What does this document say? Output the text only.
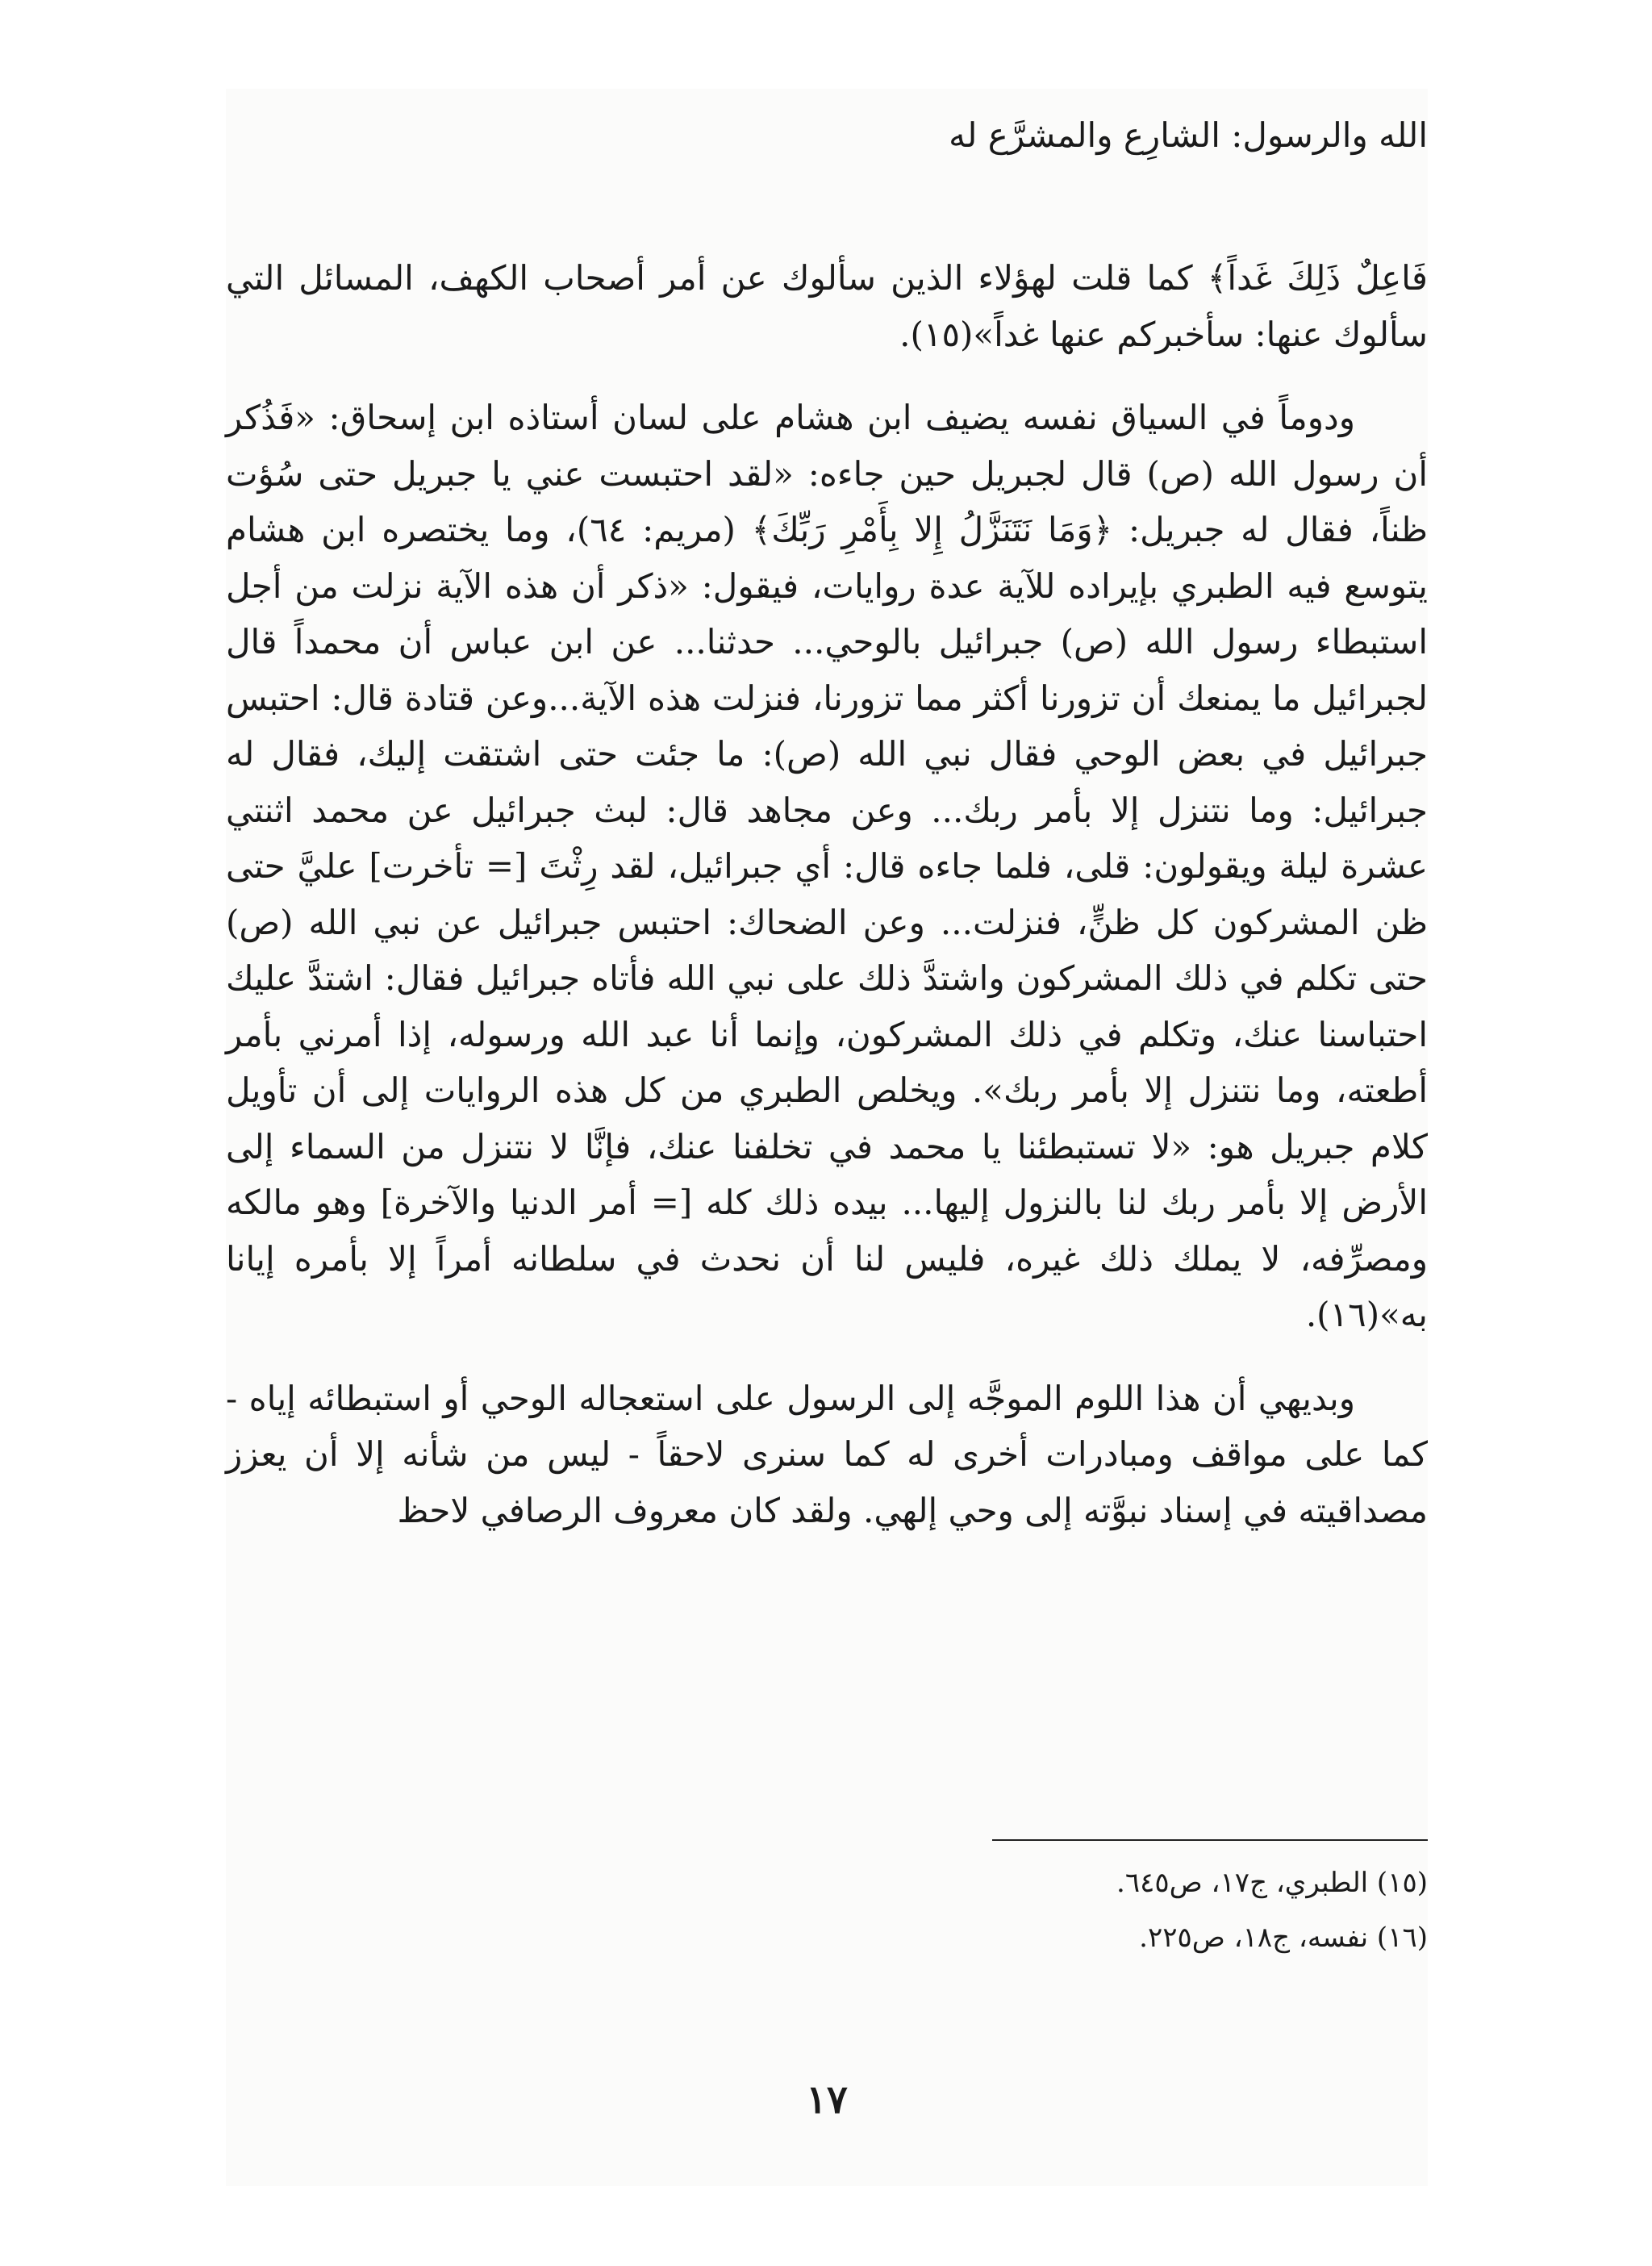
الله والرسول: الشارِع والمشرَّع له

فَاعِلٌ ذَلِكَ غَداً﴾ كما قلت لهؤلاء الذين سألوك عن أمر أصحاب الكهف، المسائل التي سألوك عنها: سأخبركم عنها غداً»(١٥).

ودوماً في السياق نفسه يضيف ابن هشام على لسان أستاذه ابن إسحاق: «فَذُكر أن رسول الله (ص) قال لجبريل حين جاءه: «لقد احتبست عني يا جبريل حتى سُؤت ظناً، فقال له جبريل: ﴿وَمَا نَتَنَزَّلُ إِلا بِأَمْرِ رَبِّكَ﴾ (مريم: ٦٤)، وما يختصره ابن هشام يتوسع فيه الطبري بإيراده للآية عدة روايات، فيقول: «ذكر أن هذه الآية نزلت من أجل استبطاء رسول الله (ص) جبرائيل بالوحي... حدثنا... عن ابن عباس أن محمداً قال لجبرائيل ما يمنعك أن تزورنا أكثر مما تزورنا، فنزلت هذه الآية...وعن قتادة قال: احتبس جبرائيل في بعض الوحي فقال نبي الله (ص): ما جئت حتى اشتقت إليك، فقال له جبرائيل: وما نتنزل إلا بأمر ربك... وعن مجاهد قال: لبث جبرائيل عن محمد اثنتي عشرة ليلة ويقولون: قلى، فلما جاءه قال: أي جبرائيل، لقد رِثْتَ [= تأخرت] عليَّ حتى ظن المشركون كل ظنٍّ، فنزلت... وعن الضحاك: احتبس جبرائيل عن نبي الله (ص) حتى تكلم في ذلك المشركون واشتدَّ ذلك على نبي الله فأتاه جبرائيل فقال: اشتدَّ عليك احتباسنا عنك، وتكلم في ذلك المشركون، وإنما أنا عبد الله ورسوله، إذا أمرني بأمر أطعته، وما نتنزل إلا بأمر ربك». ويخلص الطبري من كل هذه الروايات إلى أن تأويل كلام جبريل هو: «لا تستبطئنا يا محمد في تخلفنا عنك، فإنَّا لا نتنزل من السماء إلى الأرض إلا بأمر ربك لنا بالنزول إليها... بيده ذلك كله [= أمر الدنيا والآخرة] وهو مالكه ومصرِّفه، لا يملك ذلك غيره، فليس لنا أن نحدث في سلطانه أمراً إلا بأمره إيانا به»(١٦).

وبديهي أن هذا اللوم الموجَّه إلى الرسول على استعجاله الوحي أو استبطائه إياه - كما على مواقف ومبادرات أخرى له كما سنرى لاحقاً - ليس من شأنه إلا أن يعزز مصداقيته في إسناد نبوَّته إلى وحي إلهي. ولقد كان معروف الرصافي لاحظ

(١٥) الطبري، ج١٧، ص٦٤٥.
(١٦) نفسه، ج١٨، ص٢٢٥.
١٧
